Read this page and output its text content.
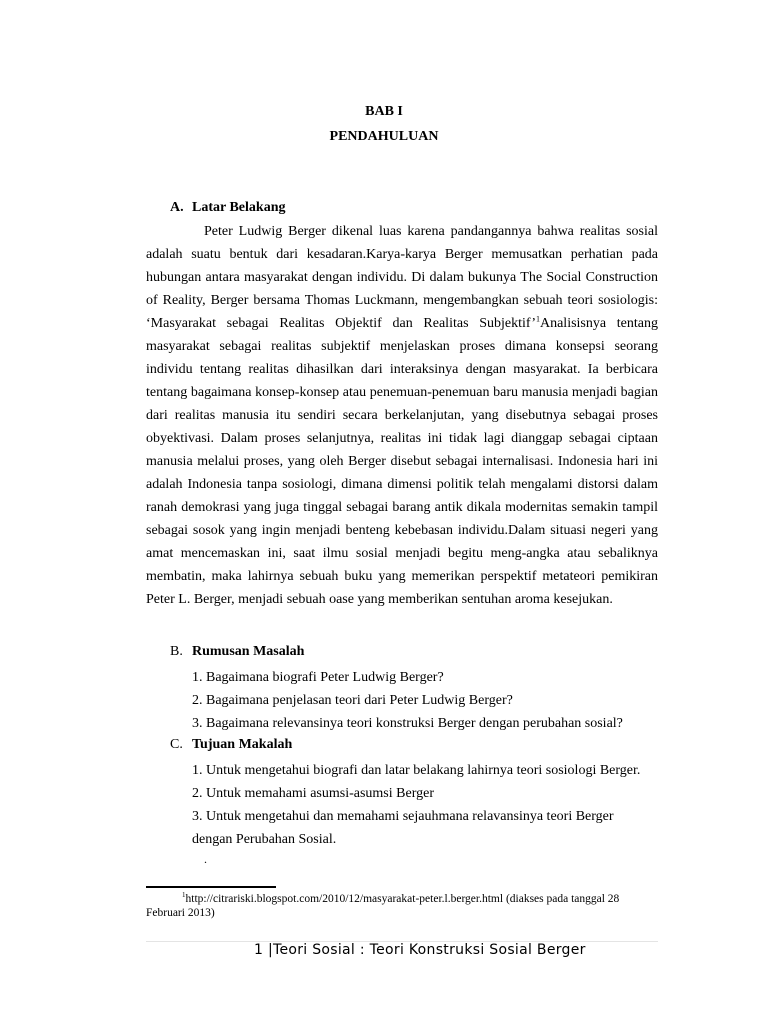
BAB I

PENDAHULUAN

A. Latar Belakang

Peter Ludwig Berger dikenal luas karena pandangannya bahwa realitas sosial adalah suatu bentuk dari kesadaran.Karya-karya Berger memusatkan perhatian pada hubungan antara masyarakat dengan individu. Di dalam bukunya The Social Construction of Reality, Berger bersama Thomas Luckmann, mengembangkan sebuah teori sosiologis: ‘Masyarakat sebagai Realitas Objektif dan Realitas Subjektif’$^1$Analisisnya tentang masyarakat sebagai realitas subjektif menjelaskan proses dimana konsepsi seorang individu tentang realitas dihasilkan dari interaksinya dengan masyarakat. Ia berbicara tentang bagaimana konsep-konsep atau penemuan-penemuan baru manusia menjadi bagian dari realitas manusia itu sendiri secara berkelanjutan, yang disebutnya sebagai proses obyektivasi. Dalam proses selanjutnya, realitas ini tidak lagi dianggap sebagai ciptaan manusia melalui proses, yang oleh Berger disebut sebagai internalisasi. Indonesia hari ini adalah Indonesia tanpa sosiologi, dimana dimensi politik telah mengalami distorsi dalam ranah demokrasi yang juga tinggal sebagai barang antik dikala modernitas semakin tampil sebagai sosok yang ingin menjadi benteng kebebasan individu.Dalam situasi negeri yang amat mencemaskan ini, saat ilmu sosial menjadi begitu meng-angka atau sebaliknya membatin, maka lahirnya sebuah buku yang memerikan perspektif metateori pemikiran Peter L. Berger, menjadi sebuah oase yang memberikan sentuhan aroma kesejukan.

B. Rumusan Masalah

1. Bagaimana biografi Peter Ludwig Berger?
2. Bagaimana penjelasan teori dari Peter Ludwig Berger?
3. Bagaimana relevansinya teori konstruksi Berger dengan perubahan sosial?

C. Tujuan Makalah

1. Untuk mengetahui biografi dan latar belakang lahirnya teori sosiologi Berger.
2. Untuk memahami asumsi-asumsi Berger
3. Untuk mengetahui dan memahami sejauhmana relavansinya teori Berger
dengan Perubahan Sosial.
.

$^1$http://citrariski.blogspot.com/2010/12/masyarakat-peter.l.berger.html (diakses pada tanggal 28 Februari 2013)

1 |Teori Sosial : Teori Konstruksi Sosial Berger
